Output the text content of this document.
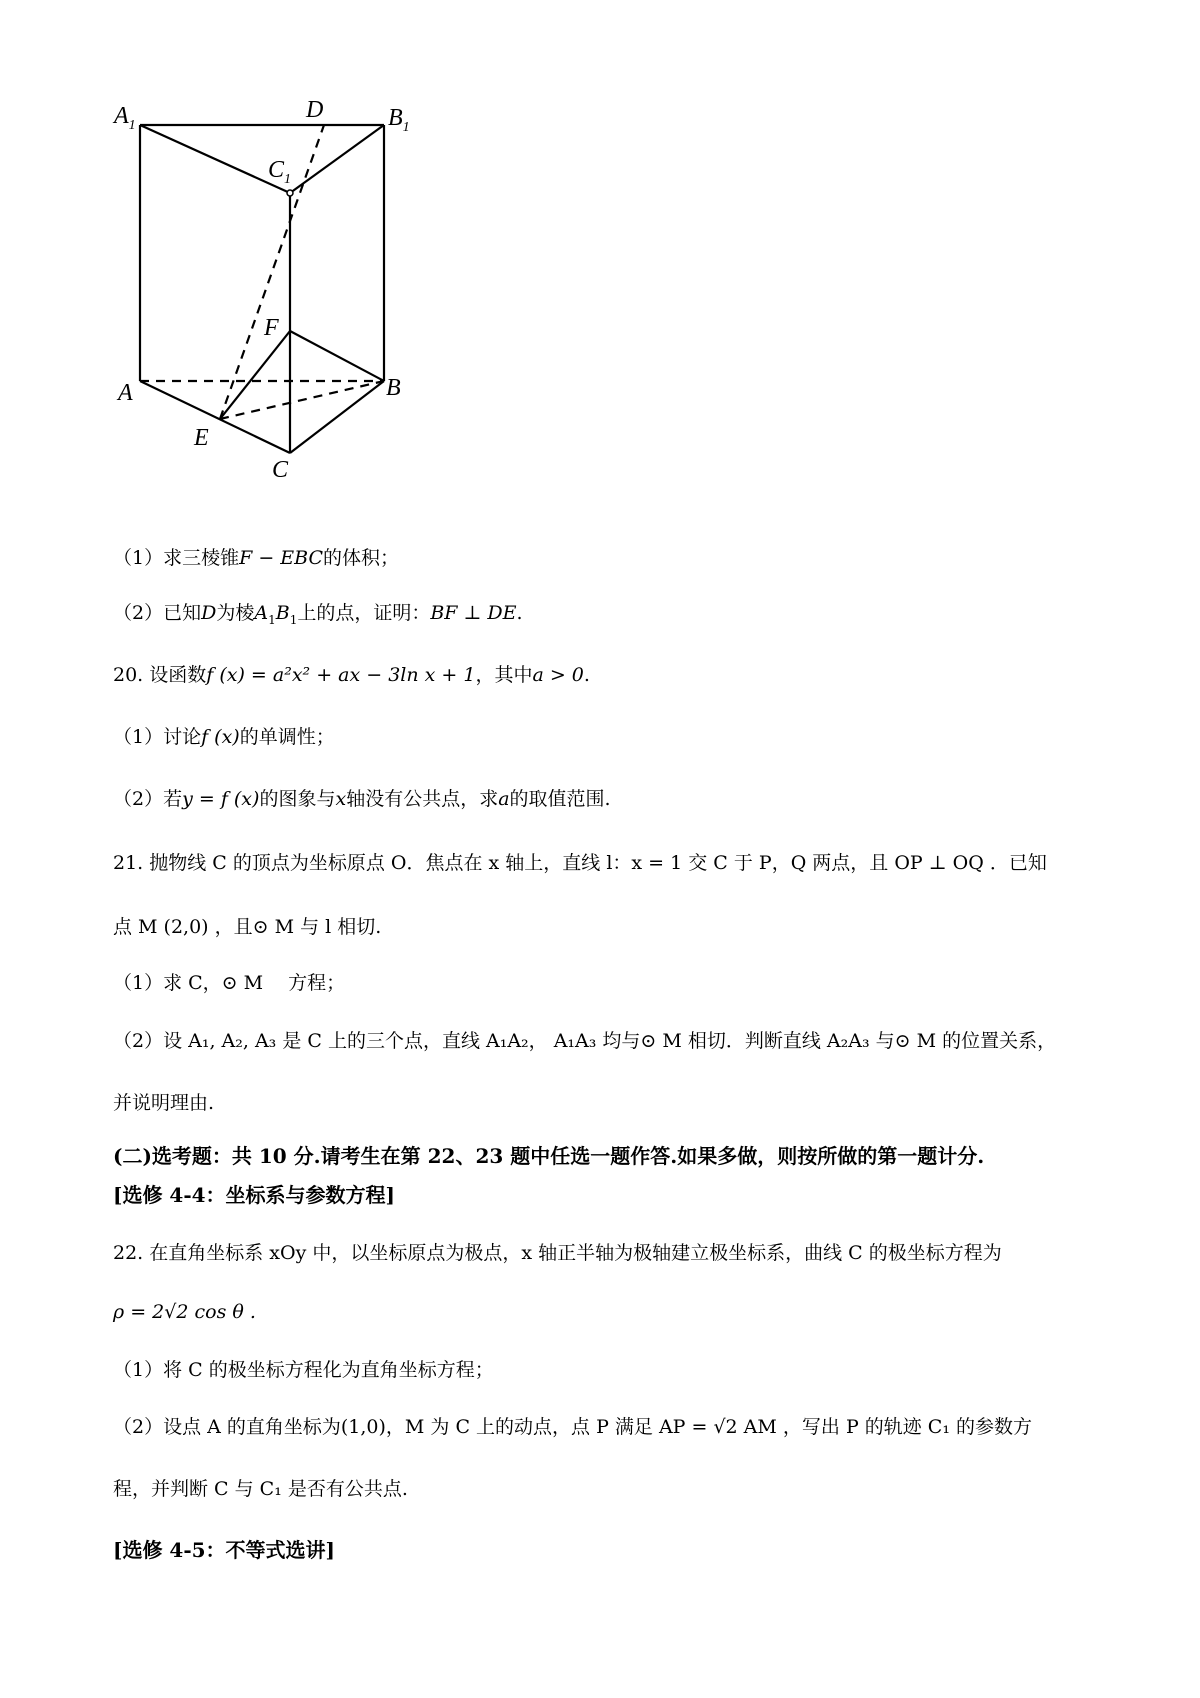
$A_1$
D	$B_1$
$C_1$
F
A	B
E
C
（1）求三棱锥F − EBC的体积；
（2）已知D为棱$A_1B_1$上的点，证明：BF ⊥ DE.
20. 设函数f (x) = a²x² + ax − 3ln x + 1，其中a > 0.
（1）讨论f (x)的单调性；
（2）若y = f (x)的图象与x轴没有公共点，求a的取值范围.
21. 抛物线 C 的顶点为坐标原点 O．焦点在 x 轴上，直线 l：x = 1 交 C 于 P，Q 两点，且 OP ⊥ OQ ．已知
点 M (2,0) ，且⊙ M 与 l 相切.
（1）求 C，⊙ M　 方程；
（2）设 A₁, A₂, A₃ 是 C 上的三个点，直线 A₁A₂， A₁A₃ 均与⊙ M 相切．判断直线 A₂A₃ 与⊙ M 的位置关系，
并说明理由.
(二)选考题：共 10 分.请考生在第 22、23 题中任选一题作答.如果多做，则按所做的第一题计分.
[选修 4-4：坐标系与参数方程]
22. 在直角坐标系 xOy 中，以坐标原点为极点，x 轴正半轴为极轴建立极坐标系，曲线 C 的极坐标方程为
ρ = 2√2 cos θ .
（1）将 C 的极坐标方程化为直角坐标方程；
（2）设点 A 的直角坐标为(1,0)，M 为 C 上的动点，点 P 满足 AP = √2 AM ，写出 P 的轨迹 C₁ 的参数方
程，并判断 C 与 C₁ 是否有公共点.
[选修 4-5：不等式选讲]
